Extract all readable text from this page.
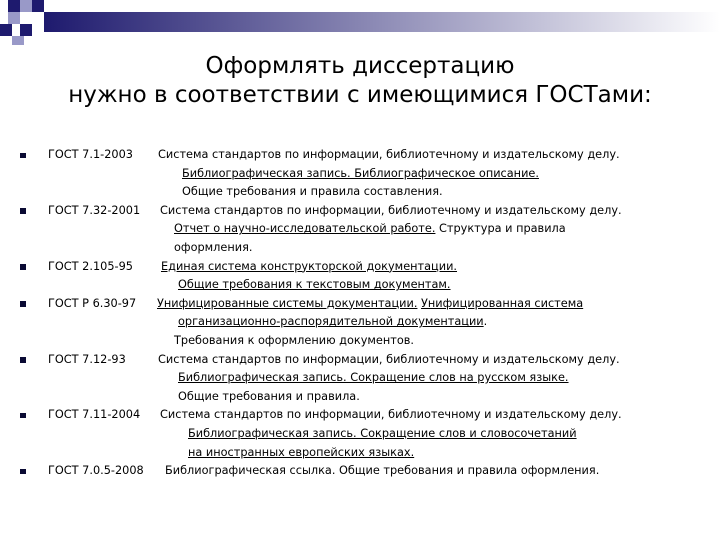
Оформлять диссертацию
нужно в соответствии с имеющимися ГОСТами:
ГОСТ 7.1-2003 Система стандартов по информации, библиотечному и издательскому делу.
Библиографическая запись. Библиографическое описание.
Общие требования и правила составления.
ГОСТ 7.32-2001 Система стандартов по информации, библиотечному и издательскому делу.
Отчет о научно-исследовательской работе. Структура и правила
оформления.
ГОСТ 2.105-95 Единая система конструкторской документации.
Общие требования к текстовым документам.
ГОСТ Р 6.30-97 Унифицированные системы документации. Унифицированная система
организационно-распорядительной документации.
Требования к оформлению документов.
ГОСТ 7.12-93	Система стандартов по информации, библиотечному и издательскому делу.
Библиографическая запись. Сокращение слов на русском языке.
Общие требования и правила.
ГОСТ 7.11-2004 Система стандартов по информации, библиотечному и издательскому делу.
Библиографическая запись. Сокращение слов и словосочетаний
на иностранных европейских языках.
ГОСТ 7.0.5-2008 Библиографическая ссылка. Общие требования и правила оформления.
